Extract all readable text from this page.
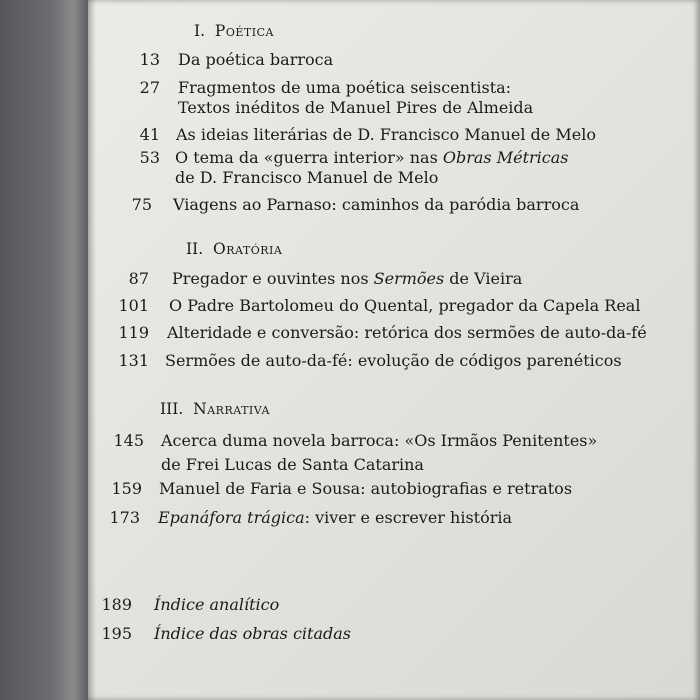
I. Poética
13 Da poética barroca
27 Fragmentos de uma poética seiscentista:
Textos inéditos de Manuel Pires de Almeida
41 As ideias literárias de D. Francisco Manuel de Melo
53 O tema da «guerra interior» nas Obras Métricas
de D. Francisco Manuel de Melo
75 Viagens ao Parnaso: caminhos da paródia barroca
II. Oratória
87 Pregador e ouvintes nos Sermões de Vieira
101 O Padre Bartolomeu do Quental, pregador da Capela Real
119 Alteridade e conversão: retórica dos sermões de auto-da-fé
131 Sermões de auto-da-fé: evolução de códigos parenéticos
III. Narrativa
145 Acerca duma novela barroca: «Os Irmãos Penitentes»
de Frei Lucas de Santa Catarina
159 Manuel de Faria e Sousa: autobiografias e retratos
173 Epanáfora trágica: viver e escrever história
189 Índice analítico
195 Índice das obras citadas
